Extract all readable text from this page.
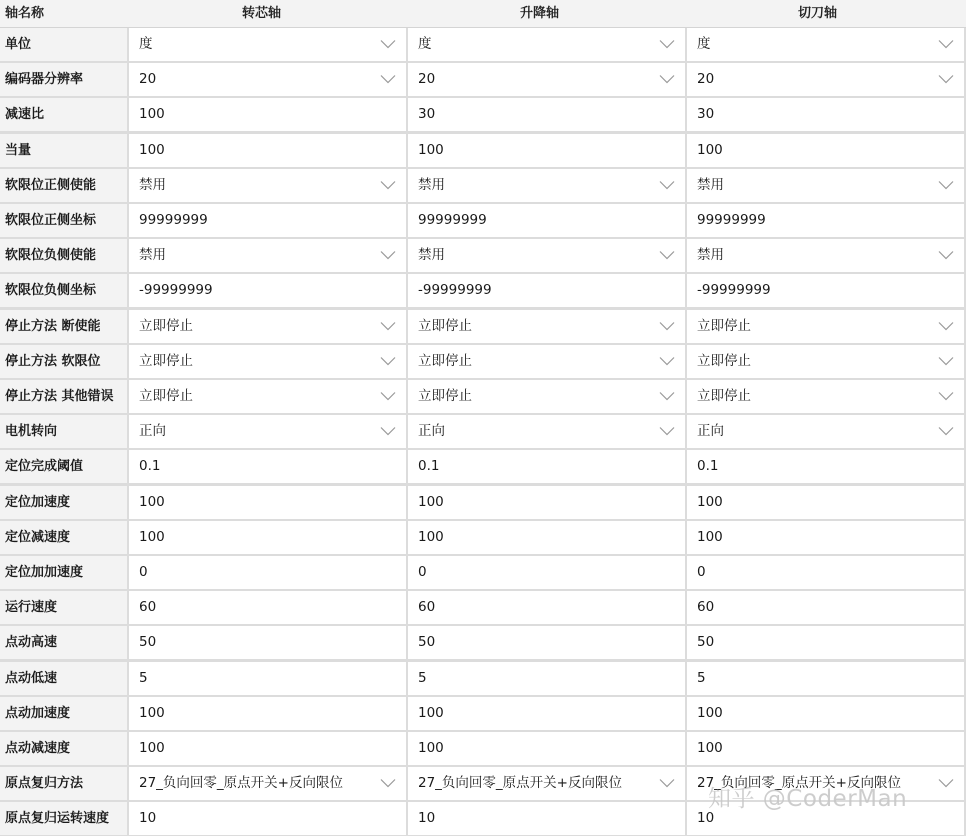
轴名称	转芯轴	升降轴	切刀轴
单位	度	度	度
编码器分辨率	20	20	20
减速比	100	30	30
当量	100	100	100
软限位正侧使能	禁用	禁用	禁用
软限位正侧坐标	99999999	99999999	99999999
软限位负侧使能	禁用	禁用	禁用
软限位负侧坐标	-99999999	-99999999	-99999999
停止方法 断使能	立即停止	立即停止	立即停止
停止方法 软限位	立即停止	立即停止	立即停止
停止方法 其他错误	立即停止	立即停止	立即停止
电机转向	正向	正向	正向
定位完成阈值	0.1	0.1	0.1
定位加速度	100	100	100
定位减速度	100	100	100
定位加加速度	0	0	0
运行速度	60	60	60
点动高速	50	50	50
点动低速	5	5	5
点动加速度	100	100	100
点动减速度	100	100	100
原点复归方法	27_负向回零_原点开关+反向限位	27_负向回零_原点开关+反向限位	27_负向回零_原点开关+反向限位
原点复归运转速度	10	10	10
知乎 @CoderMan
